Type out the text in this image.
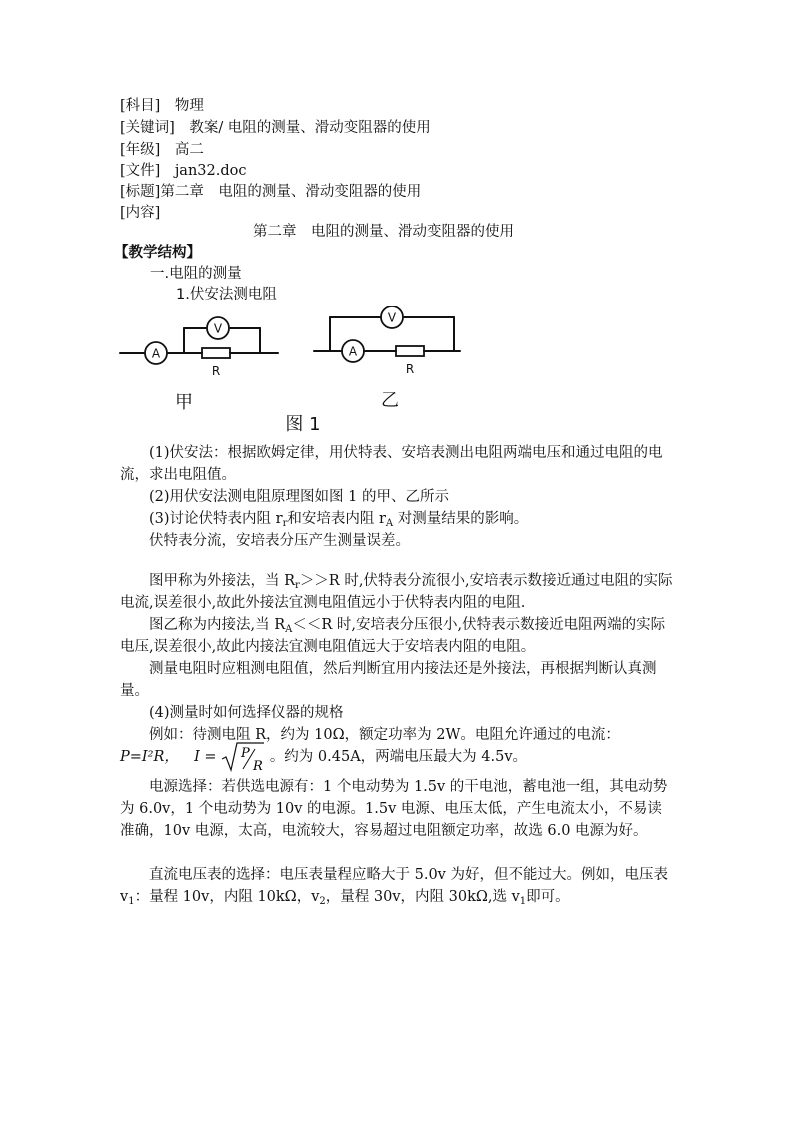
[科目]　物理
[关键词]　教案/ 电阻的测量、滑动变阻器的使用
[年级]　高二
[文件]　jan32.doc
[标题]第二章　电阻的测量、滑动变阻器的使用
[内容]
第二章　电阻的测量、滑动变阻器的使用
【教学结构】
一.电阻的测量
1.伏安法测电阻
A
V
R
A
V
R
甲	乙
图 1
(1)伏安法：根据欧姆定律，用伏特表、安培表测出电阻两端电压和通过电阻的电流，求出电阻值。
(2)用伏安法测电阻原理图如图 1 的甲、乙所示
(3)讨论伏特表内阻 $r_r$和安培表内阻 $r_A$ 对测量结果的影响。
伏特表分流，安培表分压产生测量误差。
图甲称为外接法，当 $R_r>>R$ 时,伏特表分流很小,安培表示数接近通过电阻的实际电流,误差很小,故此外接法宜测电阻值远小于伏特表内阻的电阻.
图乙称为内接法,当 $R_A<<R$ 时,安培表分压很小,伏特表示数接近电阻两端的实际电压,误差很小,故此内接法宜测电阻值远大于安培表内阻的电阻。
测量电阻时应粗测电阻值，然后判断宜用内接法还是外接法，再根据判断认真测量。
(4)测量时如何选择仪器的规格
例如：待测电阻 R，约为 10Ω，额定功率为 2W。电阻允许通过的电流：
P=I²R， I = P
R
。约为 0.45A，两端电压最大为 4.5v。
电源选择：若供选电源有：1 个电动势为 1.5v 的干电池，蓄电池一组，其电动势为 6.0v，1 个电动势为 10v 的电源。1.5v 电源、电压太低，产生电流太小，不易读准确，10v 电源，太高，电流较大，容易超过电阻额定功率，故选 6.0 电源为好。
直流电压表的选择：电压表量程应略大于 5.0v 为好，但不能过大。例如，电压表 $v_1$：量程 10v，内阻 10kΩ，$v_2$，量程 30v，内阻 30kΩ,选 $v_1$即可。
